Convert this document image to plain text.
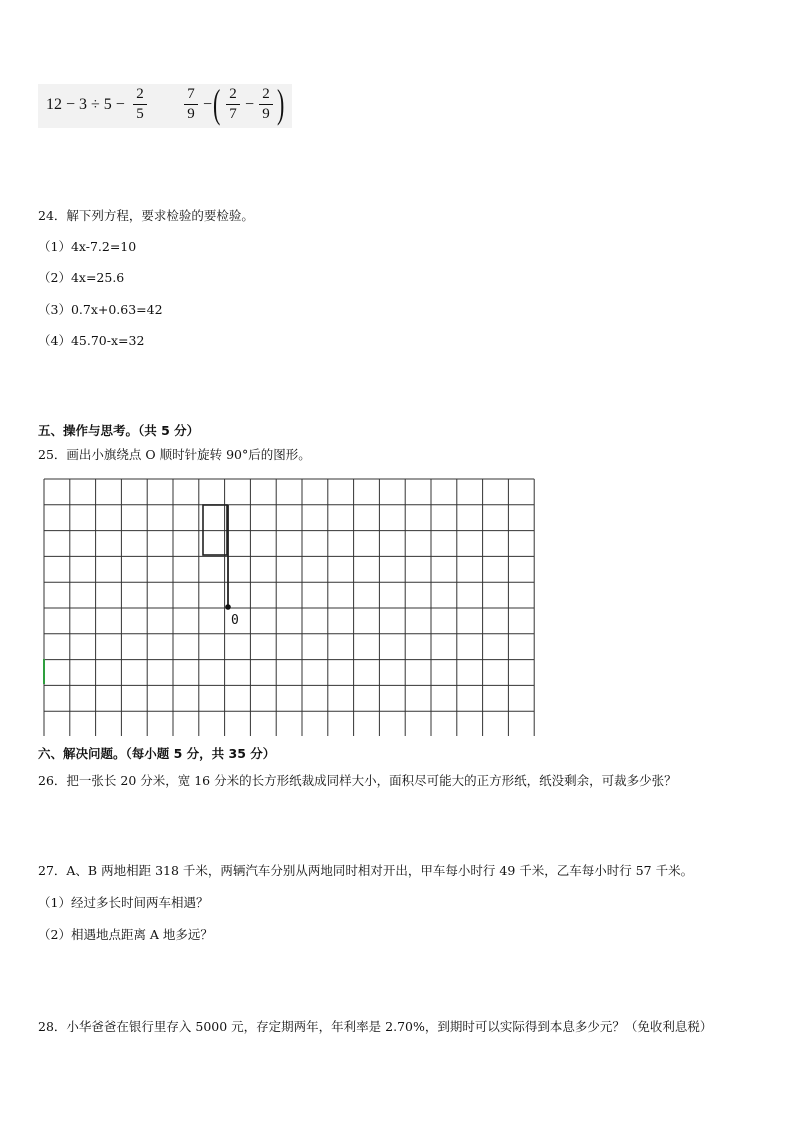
12 − 3 ÷ 5 −
2
5
7
9
− ( 2
7
−
2
9 )
24．解下列方程，要求检验的要检验。
（1）4x-7.2=10
（2）4x=25.6
（3）0.7x+0.63=42
（4）45.70-x=32
五、操作与思考。（共 5 分）
25．画出小旗绕点 O 顺时针旋转 90°后的图形。
0
六、解决问题。（每小题 5 分，共 35 分）
26．把一张长 20 分米，宽 16 分米的长方形纸裁成同样大小，面积尽可能大的正方形纸，纸没剩余，可裁多少张？
27．A、B 两地相距 318 千米，两辆汽车分别从两地同时相对开出，甲车每小时行 49 千米，乙车每小时行 57 千米。
（1）经过多长时间两车相遇？
（2）相遇地点距离 A 地多远？
28．小华爸爸在银行里存入 5000 元，存定期两年，年利率是 2.70%，到期时可以实际得到本息多少元？（免收利息税）
